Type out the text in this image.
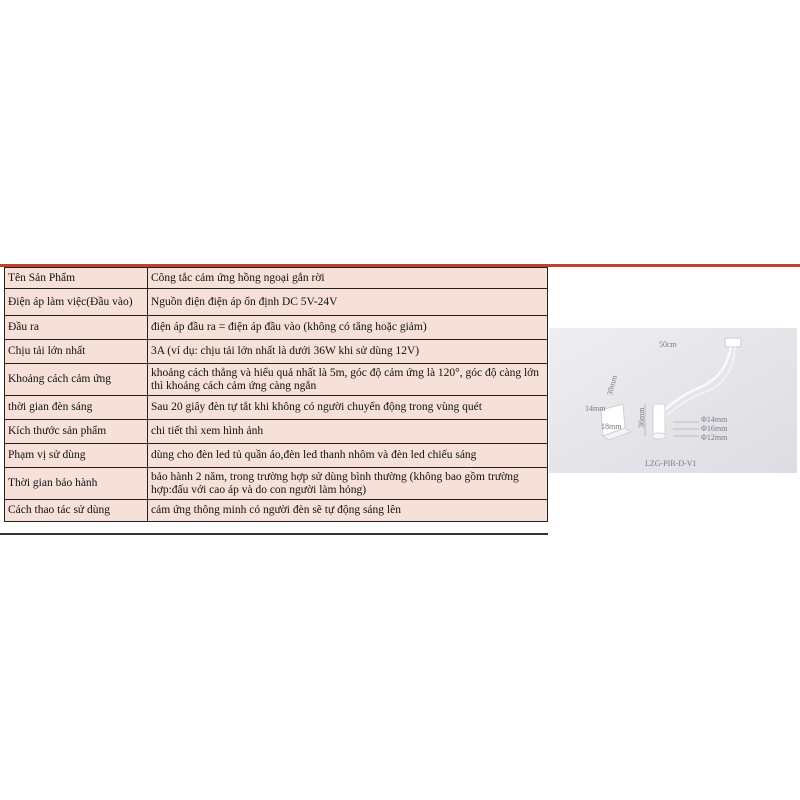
Tên Sản Phẩm	Công tắc cảm ứng hồng ngoại gắn rời
Điện áp làm việc(Đầu vào)	Nguồn điện điện áp ổn định DC 5V-24V
Đầu ra	điện áp đầu ra = điện áp đầu vào (không có tăng hoặc giảm)
Chịu tải lớn nhất	3A (ví dụ: chịu tải lớn nhất là dưới 36W khi sử dùng 12V)
Khoảng cách cảm ứng	khoảng cách thẳng và hiểu quả nhất là 5m, góc độ cảm ứng là 120°, góc độ càng lớn thì khoảng cách cảm ứng càng ngắn
thời gian đèn sáng	Sau 20 giây đèn tự tắt khi không có người chuyển động trong vùng quét
Kích thước sản phẩm	chi tiết thì xem hình ảnh
Phạm vị sử dùng	dùng cho đèn led tủ quần áo,đèn led thanh nhôm và đèn led chiếu sáng
Thời gian bảo hành	bảo hành 2 năm, trong trường hợp sử dùng bình thường (không bao gồm trường hợp:đấu với cao áp và do con người làm hỏng)
Cách thao tác sử dùng	cảm ứng thông minh có người đèn sẽ tự động sáng lên
50cm
14mm
30mm
18mm 36mm	Φ14mm
Φ16mm
Φ12mm
LZG-PIR-D-V1
